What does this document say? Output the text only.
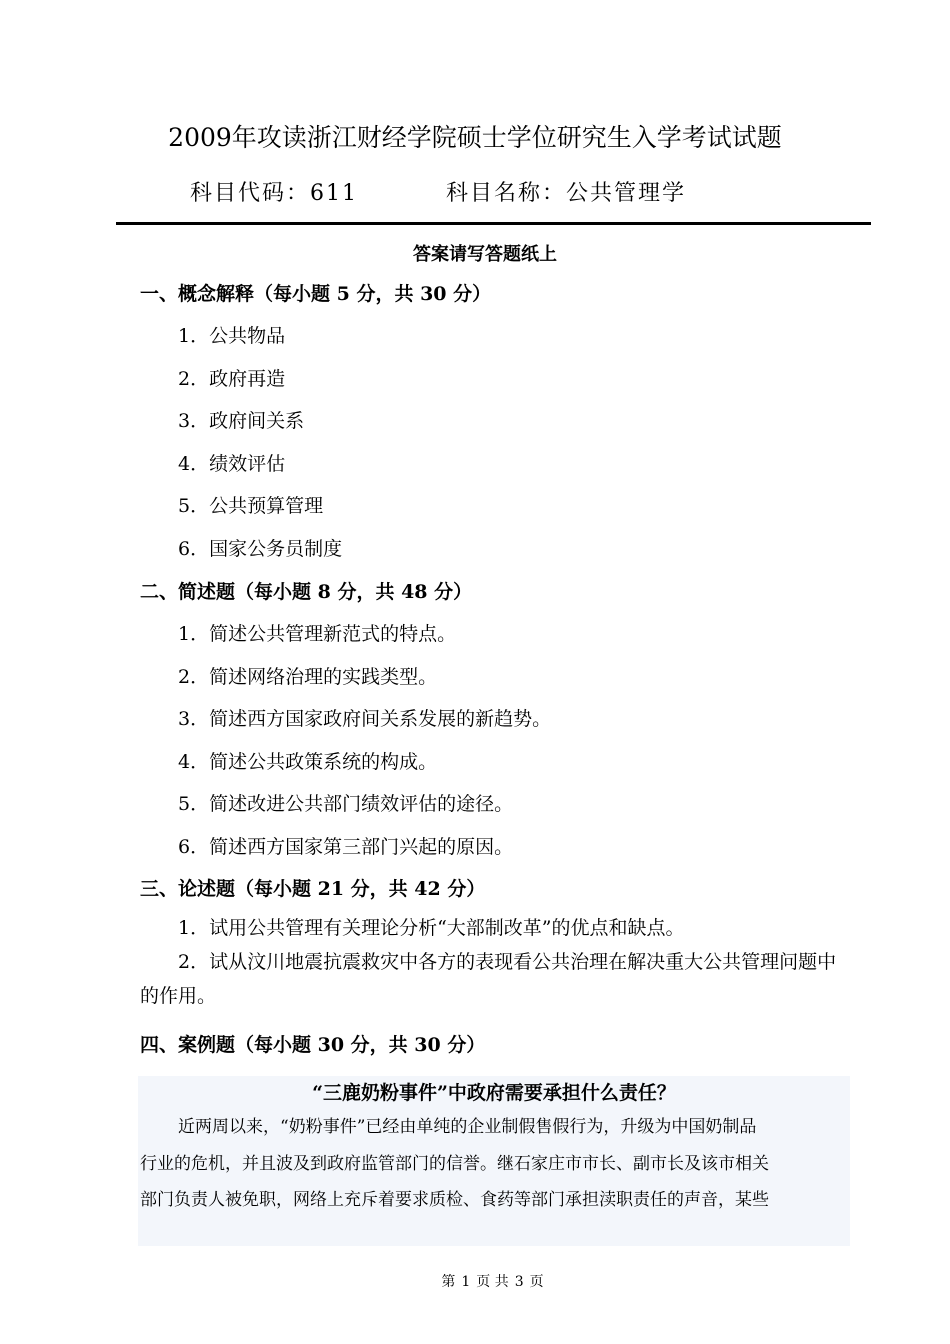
2009年攻读浙江财经学院硕士学位研究生入学考试试题
科目代码：611	科目名称：公共管理学
答案请写答题纸上
一、概念解释（每小题 5 分，共 30 分）
1．公共物品
2．政府再造
3．政府间关系
4．绩效评估
5．公共预算管理
6．国家公务员制度
二、简述题（每小题 8 分，共 48 分）
1．简述公共管理新范式的特点。
2．简述网络治理的实践类型。
3．简述西方国家政府间关系发展的新趋势。
4．简述公共政策系统的构成。
5．简述改进公共部门绩效评估的途径。
6．简述西方国家第三部门兴起的原因。
三、论述题（每小题 21 分，共 42 分）
1．试用公共管理有关理论分析“大部制改革”的优点和缺点。
2．试从汶川地震抗震救灾中各方的表现看公共治理在解决重大公共管理问题中的作用。
四、案例题（每小题 30 分，共 30 分）
“三鹿奶粉事件”中政府需要承担什么责任？
近两周以来，“奶粉事件”已经由单纯的企业制假售假行为，升级为中国奶制品
行业的危机，并且波及到政府监管部门的信誉。继石家庄市市长、副市长及该市相关
部门负责人被免职，网络上充斥着要求质检、食药等部门承担渎职责任的声音，某些
第 1 页 共 3 页
